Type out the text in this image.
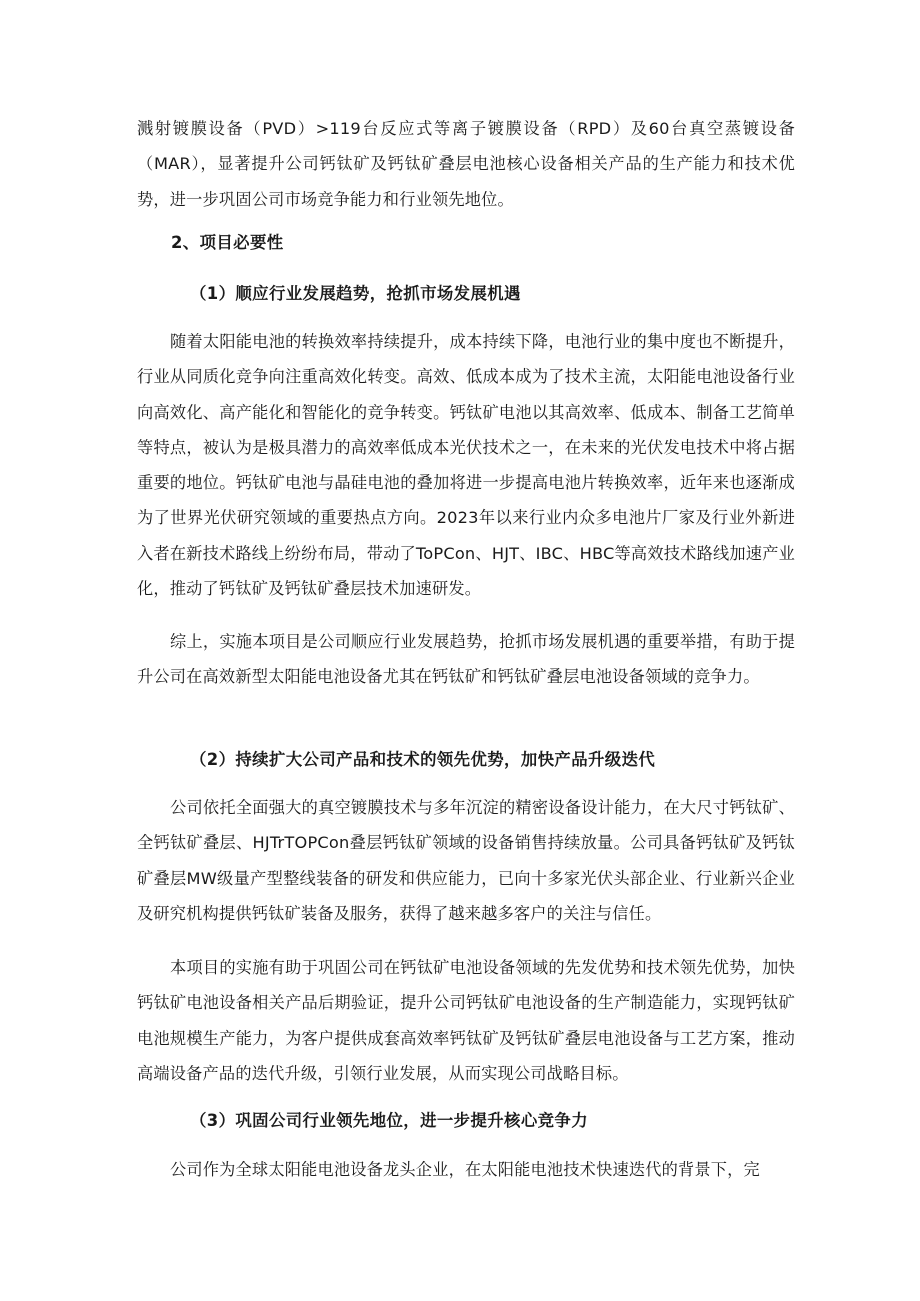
溅射镀膜设备（PVD）>119台反应式等离子镀膜设备（RPD）及60台真空蒸镀设备（MAR），显著提升公司钙钛矿及钙钛矿叠层电池核心设备相关产品的生产能力和技术优势，进一步巩固公司市场竞争能力和行业领先地位。

2、项目必要性

（1）顺应行业发展趋势，抢抓市场发展机遇

随着太阳能电池的转换效率持续提升，成本持续下降，电池行业的集中度也不断提升，行业从同质化竞争向注重高效化转变。高效、低成本成为了技术主流，太阳能电池设备行业向高效化、高产能化和智能化的竞争转变。钙钛矿电池以其高效率、低成本、制备工艺简单等特点，被认为是极具潜力的高效率低成本光伏技术之一，在未来的光伏发电技术中将占据重要的地位。钙钛矿电池与晶硅电池的叠加将进一步提高电池片转换效率，近年来也逐渐成为了世界光伏研究领域的重要热点方向。2023年以来行业内众多电池片厂家及行业外新进入者在新技术路线上纷纷布局，带动了ToPCon、HJT、IBC、HBC等高效技术路线加速产业化，推动了钙钛矿及钙钛矿叠层技术加速研发。

综上，实施本项目是公司顺应行业发展趋势，抢抓市场发展机遇的重要举措，有助于提升公司在高效新型太阳能电池设备尤其在钙钛矿和钙钛矿叠层电池设备领域的竞争力。

（2）持续扩大公司产品和技术的领先优势，加快产品升级迭代

公司依托全面强大的真空镀膜技术与多年沉淀的精密设备设计能力，在大尺寸钙钛矿、全钙钛矿叠层、HJTrTOPCon叠层钙钛矿领域的设备销售持续放量。公司具备钙钛矿及钙钛矿叠层MW级量产型整线装备的研发和供应能力，已向十多家光伏头部企业、行业新兴企业及研究机构提供钙钛矿装备及服务，获得了越来越多客户的关注与信任。

本项目的实施有助于巩固公司在钙钛矿电池设备领域的先发优势和技术领先优势，加快钙钛矿电池设备相关产品后期验证，提升公司钙钛矿电池设备的生产制造能力，实现钙钛矿电池规模生产能力，为客户提供成套高效率钙钛矿及钙钛矿叠层电池设备与工艺方案，推动高端设备产品的迭代升级，引领行业发展，从而实现公司战略目标。

（3）巩固公司行业领先地位，进一步提升核心竞争力

公司作为全球太阳能电池设备龙头企业，在太阳能电池技术快速迭代的背景下，完
